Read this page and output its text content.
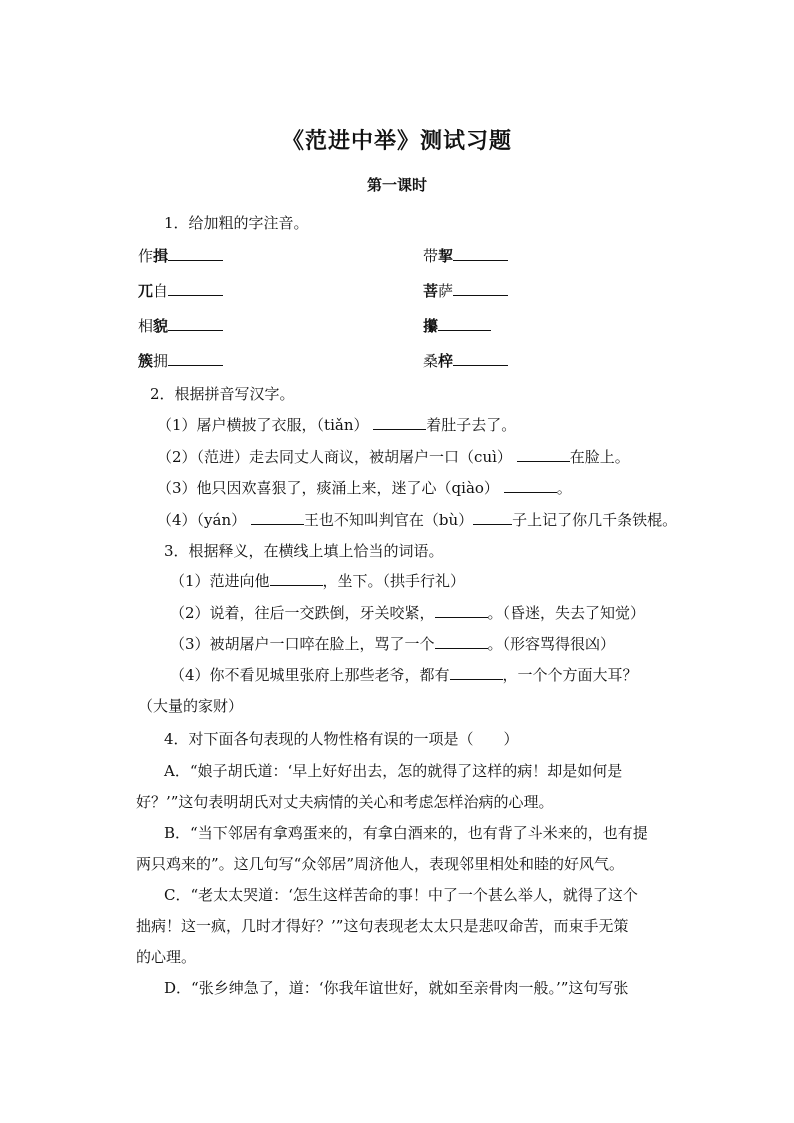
《范进中举》测试习题
第一课时
1．给加粗的字注音。
作揖	带挈
兀自	菩萨
相貌	攥
簇拥	桑梓
2．根据拼音写汉字。
（1）屠户横披了衣服，（tiǎn）	着肚子去了。
（2）（范进）走去同丈人商议，被胡屠户一口（cuì）	在脸上。
（3）他只因欢喜狠了，痰涌上来，迷了心（qiào）	。
（4）（yán）	王也不知叫判官在（bù）	子上记了你几千条铁棍。
3．根据释义，在横线上填上恰当的词语。
（1）范进向他	，坐下。（拱手行礼）
（2）说着，往后一交跌倒，牙关咬紧，	。（昏迷，失去了知觉）
（3）被胡屠户一口啐在脸上，骂了一个	。（形容骂得很凶）
（4）你不看见城里张府上那些老爷，都有	，一个个方面大耳？
（大量的家财）
4．对下面各句表现的人物性格有误的一项是（　　）
A．“娘子胡氏道：‘早上好好出去，怎的就得了这样的病！却是如何是
好？’”这句表明胡氏对丈夫病情的关心和考虑怎样治病的心理。
B．“当下邻居有拿鸡蛋来的，有拿白酒来的，也有背了斗米来的，也有提
两只鸡来的”。这几句写“众邻居”周济他人，表现邻里相处和睦的好风气。
C．“老太太哭道：‘怎生这样苦命的事！中了一个甚么举人，就得了这个
拙病！这一疯，几时才得好？’”这句表现老太太只是悲叹命苦，而束手无策
的心理。
D．“张乡绅急了，道：‘你我年谊世好，就如至亲骨肉一般。’”这句写张
